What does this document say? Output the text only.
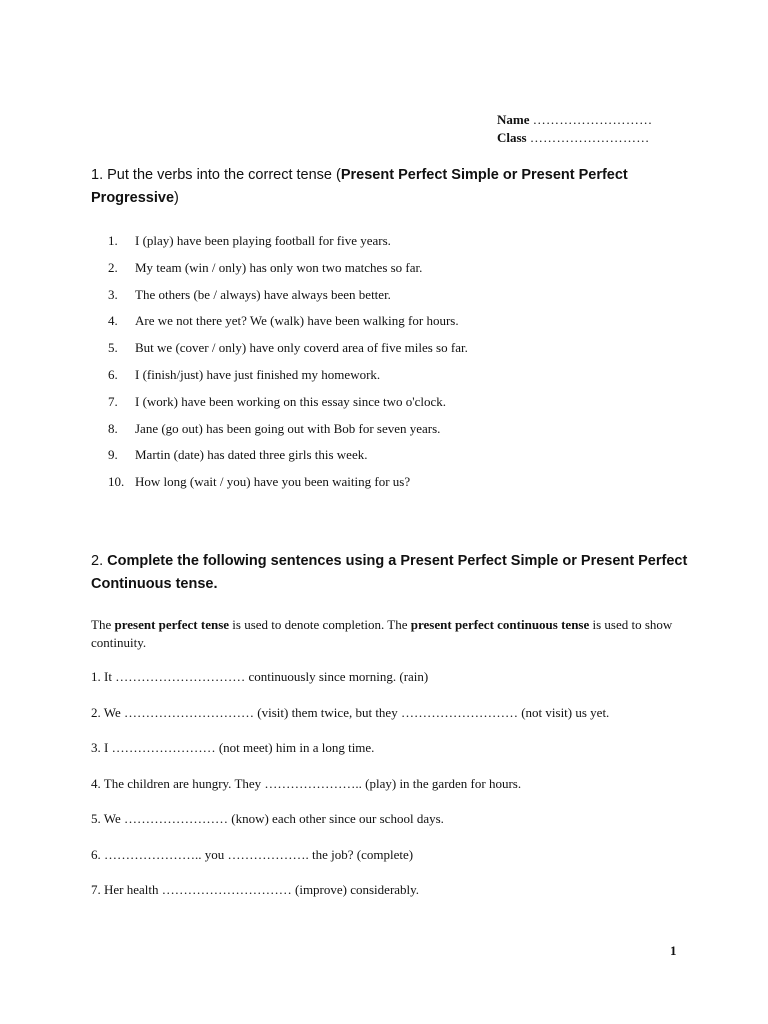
Name ………………………
Class ………………………
1. Put the verbs into the correct tense (Present Perfect Simple or Present Perfect Progressive)
1.	I (play) have been playing football for five years.
2.	My team (win / only) has only won two matches so far.
3.	The others (be / always) have always been better.
4.	Are we not there yet? We (walk) have been walking for hours.
5.	But we (cover / only) have only coverd area of five miles so far.
6.	I (finish/just) have just finished my homework.
7.	I (work) have been working on this essay since two o'clock.
8.	Jane (go out) has been going out with Bob for seven years.
9.	Martin (date) has dated three girls this week.
10. How long (wait / you) have you been waiting for us?
2. Complete the following sentences using a Present Perfect Simple or Present Perfect Continuous tense.

The present perfect tense is used to denote completion. The present perfect continuous tense is used to show continuity.

1. It ………………………… continuously since morning. (rain)

2. We ………………………… (visit) them twice, but they ……………………… (not visit) us yet.

3. I …………………… (not meet) him in a long time.

4. The children are hungry. They ………………….. (play) in the garden for hours.

5. We …………………… (know) each other since our school days.

6. ………………….. you ………………. the job? (complete)

7. Her health ………………………… (improve) considerably.

1
